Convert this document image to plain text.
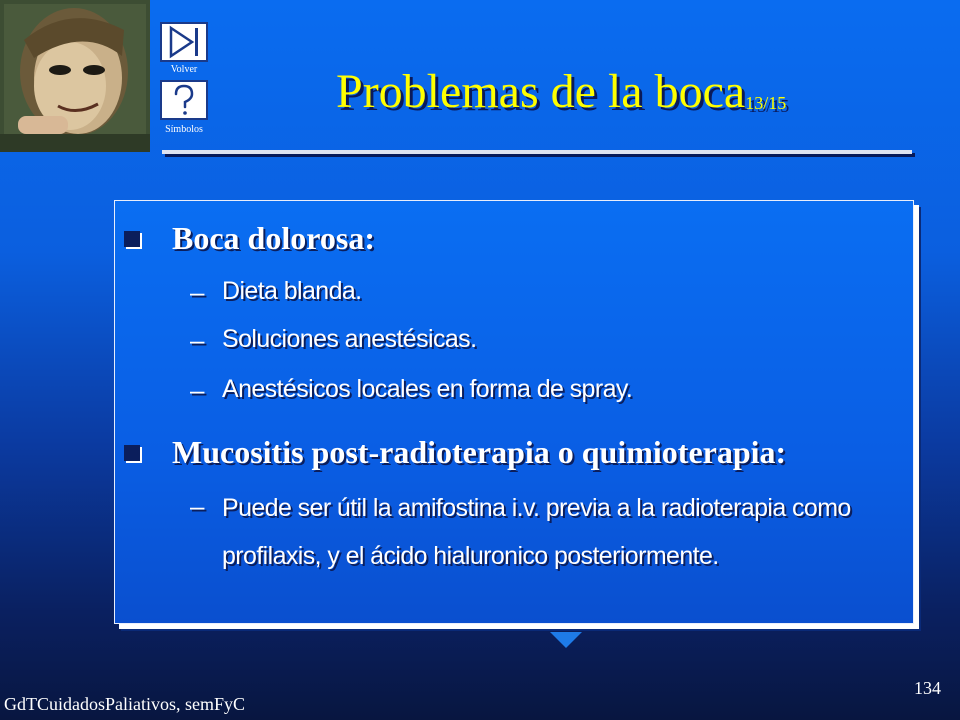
Volver
Símbolos
Problemas de la boca$_{13/15}$
Boca dolorosa:
– Dieta blanda.
– Soluciones anestésicas.
– Anestésicos locales en forma de spray.
Mucositis post-radioterapia o quimioterapia:
– Puede ser útil la amifostina i.v. previa a la radioterapia como profilaxis, y el ácido hialuronico posteriormente.
GdTCuidadosPaliativos, semFyC
134
